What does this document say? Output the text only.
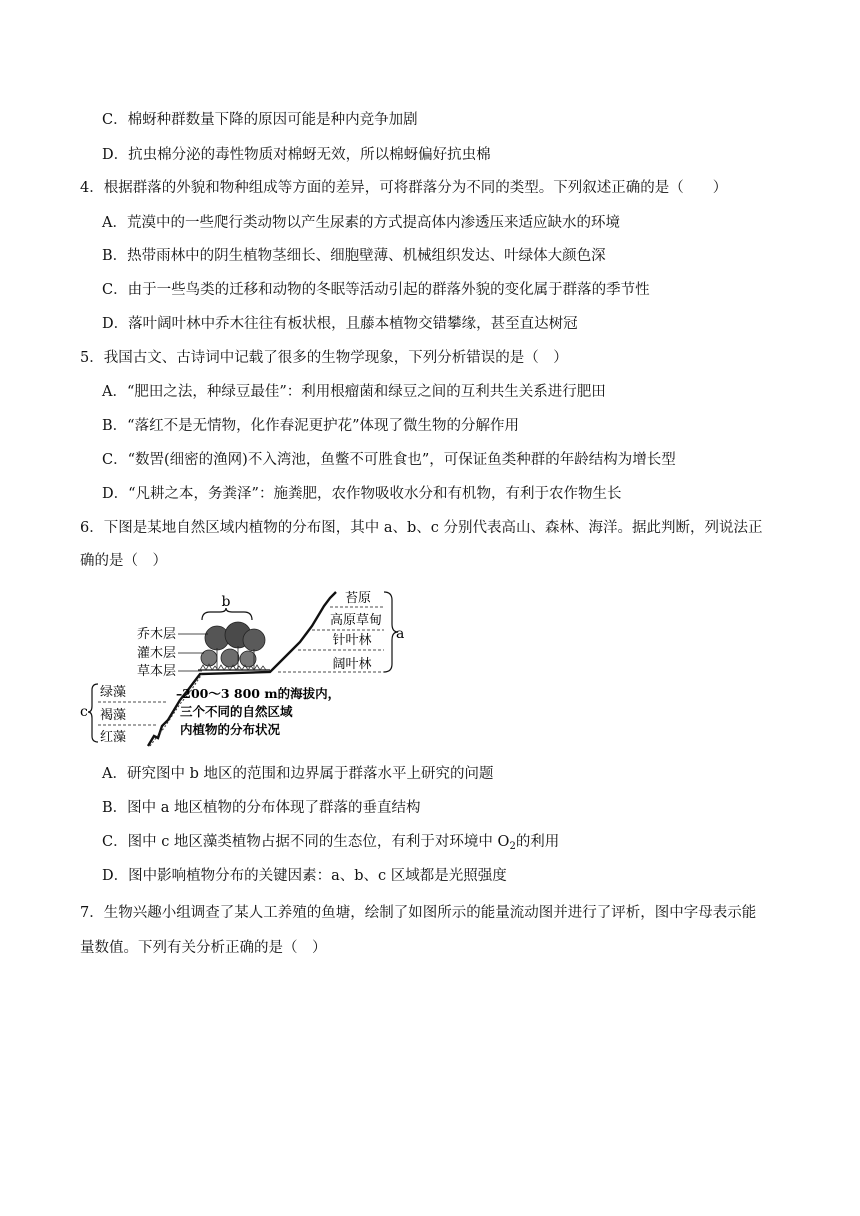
C．棉蚜种群数量下降的原因可能是种内竞争加剧
D．抗虫棉分泌的毒性物质对棉蚜无效，所以棉蚜偏好抗虫棉
4．根据群落的外貌和物种组成等方面的差异，可将群落分为不同的类型。下列叙述正确的是（　　）
A．荒漠中的一些爬行类动物以产生尿素的方式提高体内渗透压来适应缺水的环境
B．热带雨林中的阴生植物茎细长、细胞壁薄、机械组织发达、叶绿体大颜色深
C．由于一些鸟类的迁移和动物的冬眠等活动引起的群落外貌的变化属于群落的季节性
D．落叶阔叶林中乔木往往有板状根，且藤本植物交错攀缘，甚至直达树冠
5．我国古文、古诗词中记载了很多的生物学现象，下列分析错误的是（　）
A．“肥田之法，种绿豆最佳”：利用根瘤菌和绿豆之间的互利共生关系进行肥田
B．“落红不是无情物，化作春泥更护花”体现了微生物的分解作用
C．“数罟(细密的渔网)不入湾池，鱼鳖不可胜食也”，可保证鱼类种群的年龄结构为增长型
D．“凡耕之本，务粪泽”：施粪肥，农作物吸收水分和有机物，有利于农作物生长
6．下图是某地自然区域内植物的分布图，其中 a、b、c 分别代表高山、森林、海洋。据此判断，列说法正
确的是（　）
b
乔木层
灌木层
草本层
苔原
高原草甸
针叶林
阔叶林
a
c
绿藻
褐藻
红藻
–200～3 800 m的海拔内，
三个不同的自然区域
内植物的分布状况
A．研究图中 b 地区的范围和边界属于群落水平上研究的问题
B．图中 a 地区植物的分布体现了群落的垂直结构
C．图中 c 地区藻类植物占据不同的生态位，有利于对环境中 $O_2$的利用
D．图中影响植物分布的关键因素：a、b、c 区域都是光照强度
7．生物兴趣小组调查了某人工养殖的鱼塘，绘制了如图所示的能量流动图并进行了评析，图中字母表示能
量数值。下列有关分析正确的是（　）
